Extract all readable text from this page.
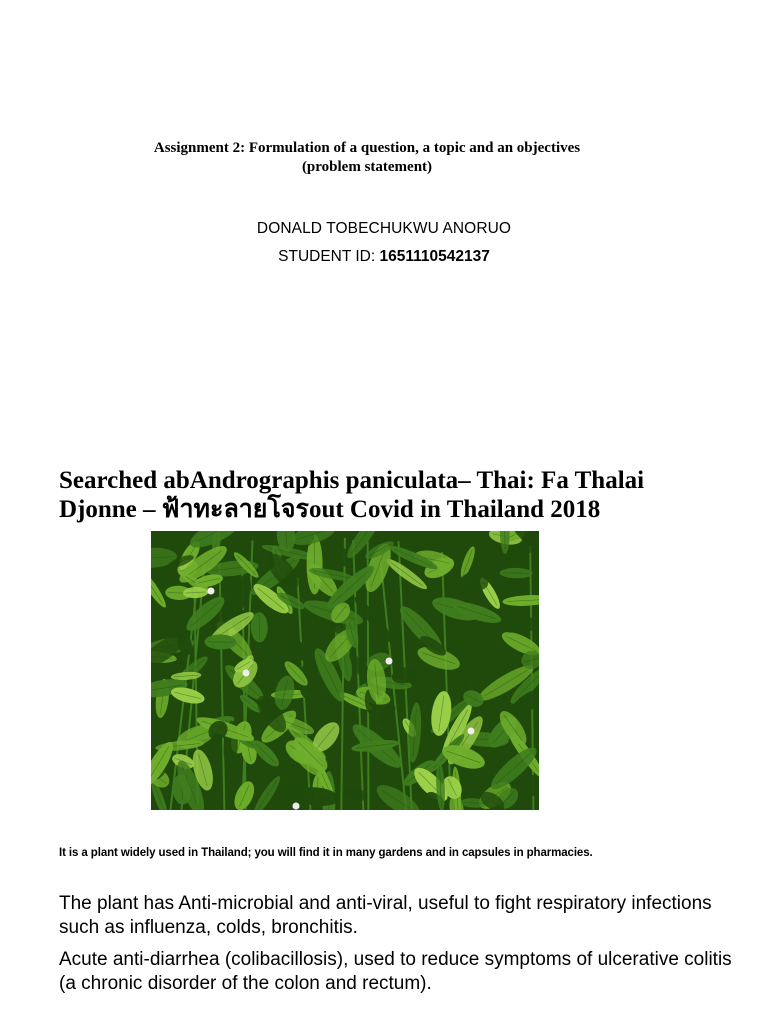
Assignment 2: Formulation of a question, a topic and an objectives
(problem statement)
DONALD TOBECHUKWU ANORUO
STUDENT ID: 1651110542137
Searched abAndrographis paniculata– Thai: Fa Thalai
Djonne – ฟ้าทะลายโจรout Covid in Thailand 2018
It is a plant widely used in Thailand; you will find it in many gardens and in capsules in pharmacies.
The plant has Anti-microbial and anti-viral, useful to fight respiratory infections such as influenza, colds, bronchitis.
Acute anti-diarrhea (colibacillosis), used to reduce symptoms of ulcerative colitis (a chronic disorder of the colon and rectum).
